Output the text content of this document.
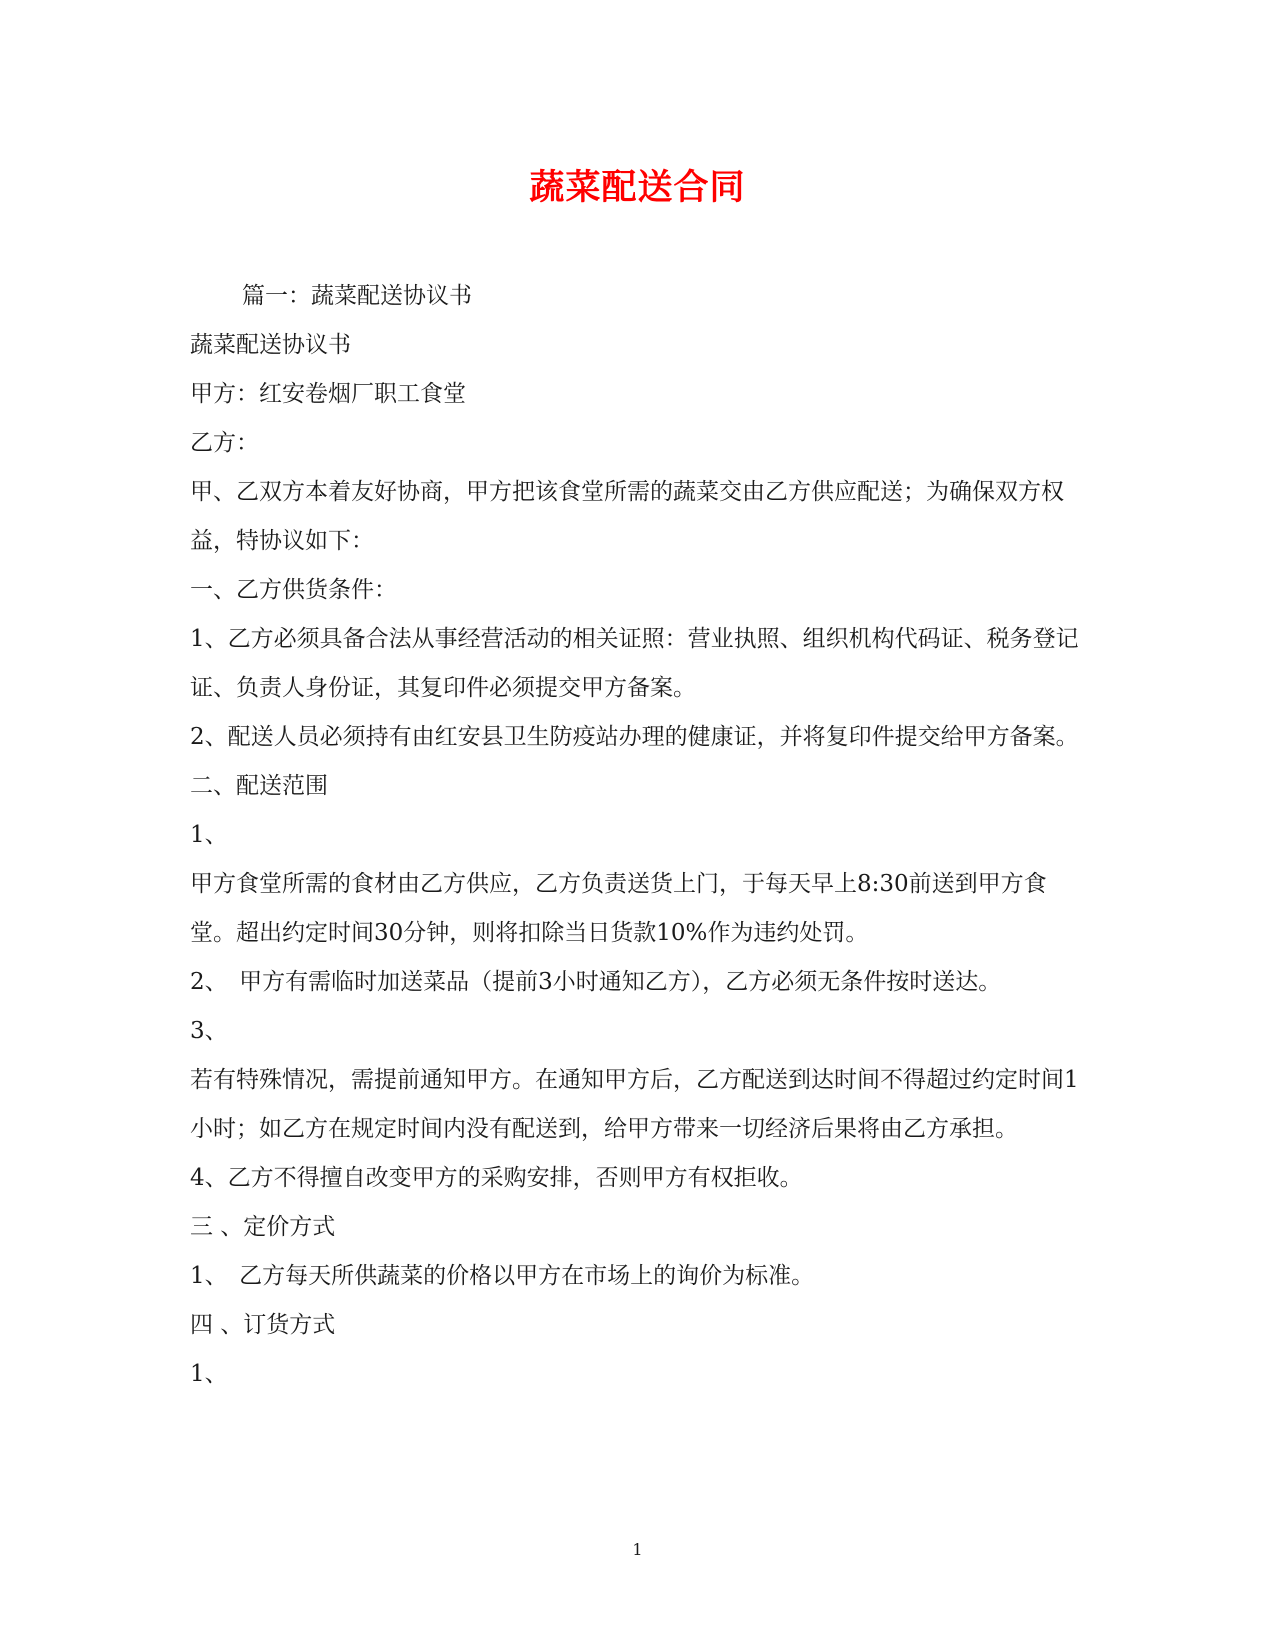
蔬菜配送合同

篇一：蔬菜配送协议书

蔬菜配送协议书

甲方：红安卷烟厂职工食堂

乙方：

甲、乙双方本着友好协商，甲方把该食堂所需的蔬菜交由乙方供应配送；为确保双方权益，特协议如下：

一、乙方供货条件：

1、乙方必须具备合法从事经营活动的相关证照：营业执照、组织机构代码证、税务登记证、负责人身份证，其复印件必须提交甲方备案。

2、配送人员必须持有由红安县卫生防疫站办理的健康证，并将复印件提交给甲方备案。

二、配送范围

1、

甲方食堂所需的食材由乙方供应，乙方负责送货上门，于每天早上8:30前送到甲方食堂。超出约定时间30分钟，则将扣除当日货款10%作为违约处罚。

2、　甲方有需临时加送菜品（提前3小时通知乙方），乙方必须无条件按时送达。

3、

若有特殊情况，需提前通知甲方。在通知甲方后，乙方配送到达时间不得超过约定时间1小时；如乙方在规定时间内没有配送到，给甲方带来一切经济后果将由乙方承担。

4、乙方不得擅自改变甲方的采购安排，否则甲方有权拒收。

三 、定价方式

1、　乙方每天所供蔬菜的价格以甲方在市场上的询价为标准。

四 、订货方式

1、

1
